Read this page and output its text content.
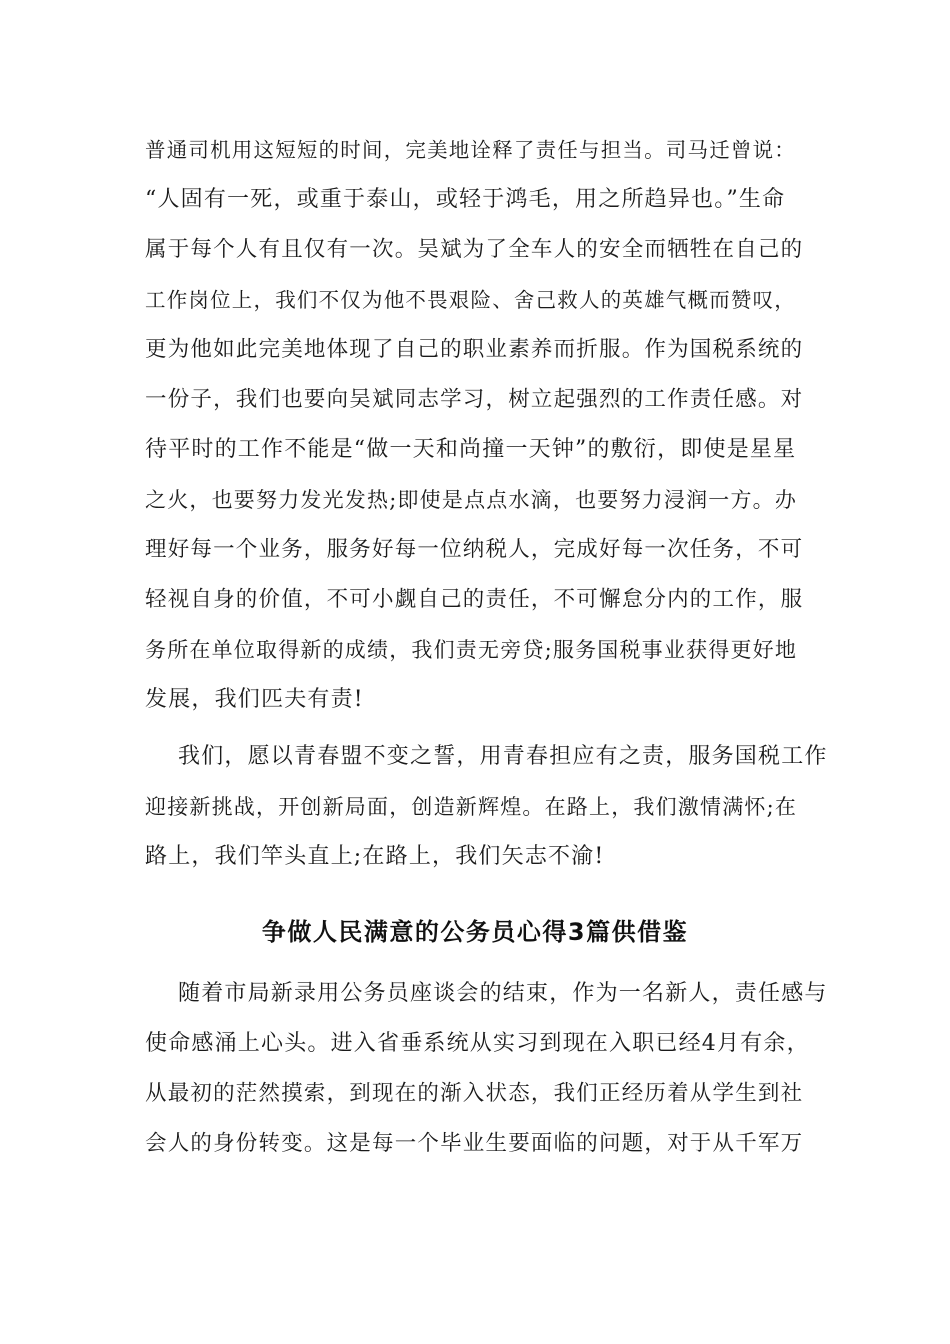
普通司机用这短短的时间，完美地诠释了责任与担当。司马迁曾说：

“人固有一死，或重于泰山，或轻于鸿毛，用之所趋异也。”生命

属于每个人有且仅有一次。吴斌为了全车人的安全而牺牲在自己的

工作岗位上，我们不仅为他不畏艰险、舍己救人的英雄气概而赞叹，

更为他如此完美地体现了自己的职业素养而折服。作为国税系统的

一份子，我们也要向吴斌同志学习，树立起强烈的工作责任感。对

待平时的工作不能是“做一天和尚撞一天钟”的敷衍，即使是星星

之火，也要努力发光发热;即使是点点水滴，也要努力浸润一方。办

理好每一个业务，服务好每一位纳税人，完成好每一次任务，不可

轻视自身的价值，不可小觑自己的责任，不可懈怠分内的工作，服

务所在单位取得新的成绩，我们责无旁贷;服务国税事业获得更好地

发展，我们匹夫有责!

我们，愿以青春盟不变之誓，用青春担应有之责，服务国税工作

迎接新挑战，开创新局面，创造新辉煌。在路上，我们激情满怀;在

路上，我们竿头直上;在路上，我们矢志不渝!

争做人民满意的公务员心得3篇供借鉴

随着市局新录用公务员座谈会的结束，作为一名新人，责任感与

使命感涌上心头。进入省垂系统从实习到现在入职已经4月有余，

从最初的茫然摸索，到现在的渐入状态，我们正经历着从学生到社

会人的身份转变。这是每一个毕业生要面临的问题，对于从千军万
